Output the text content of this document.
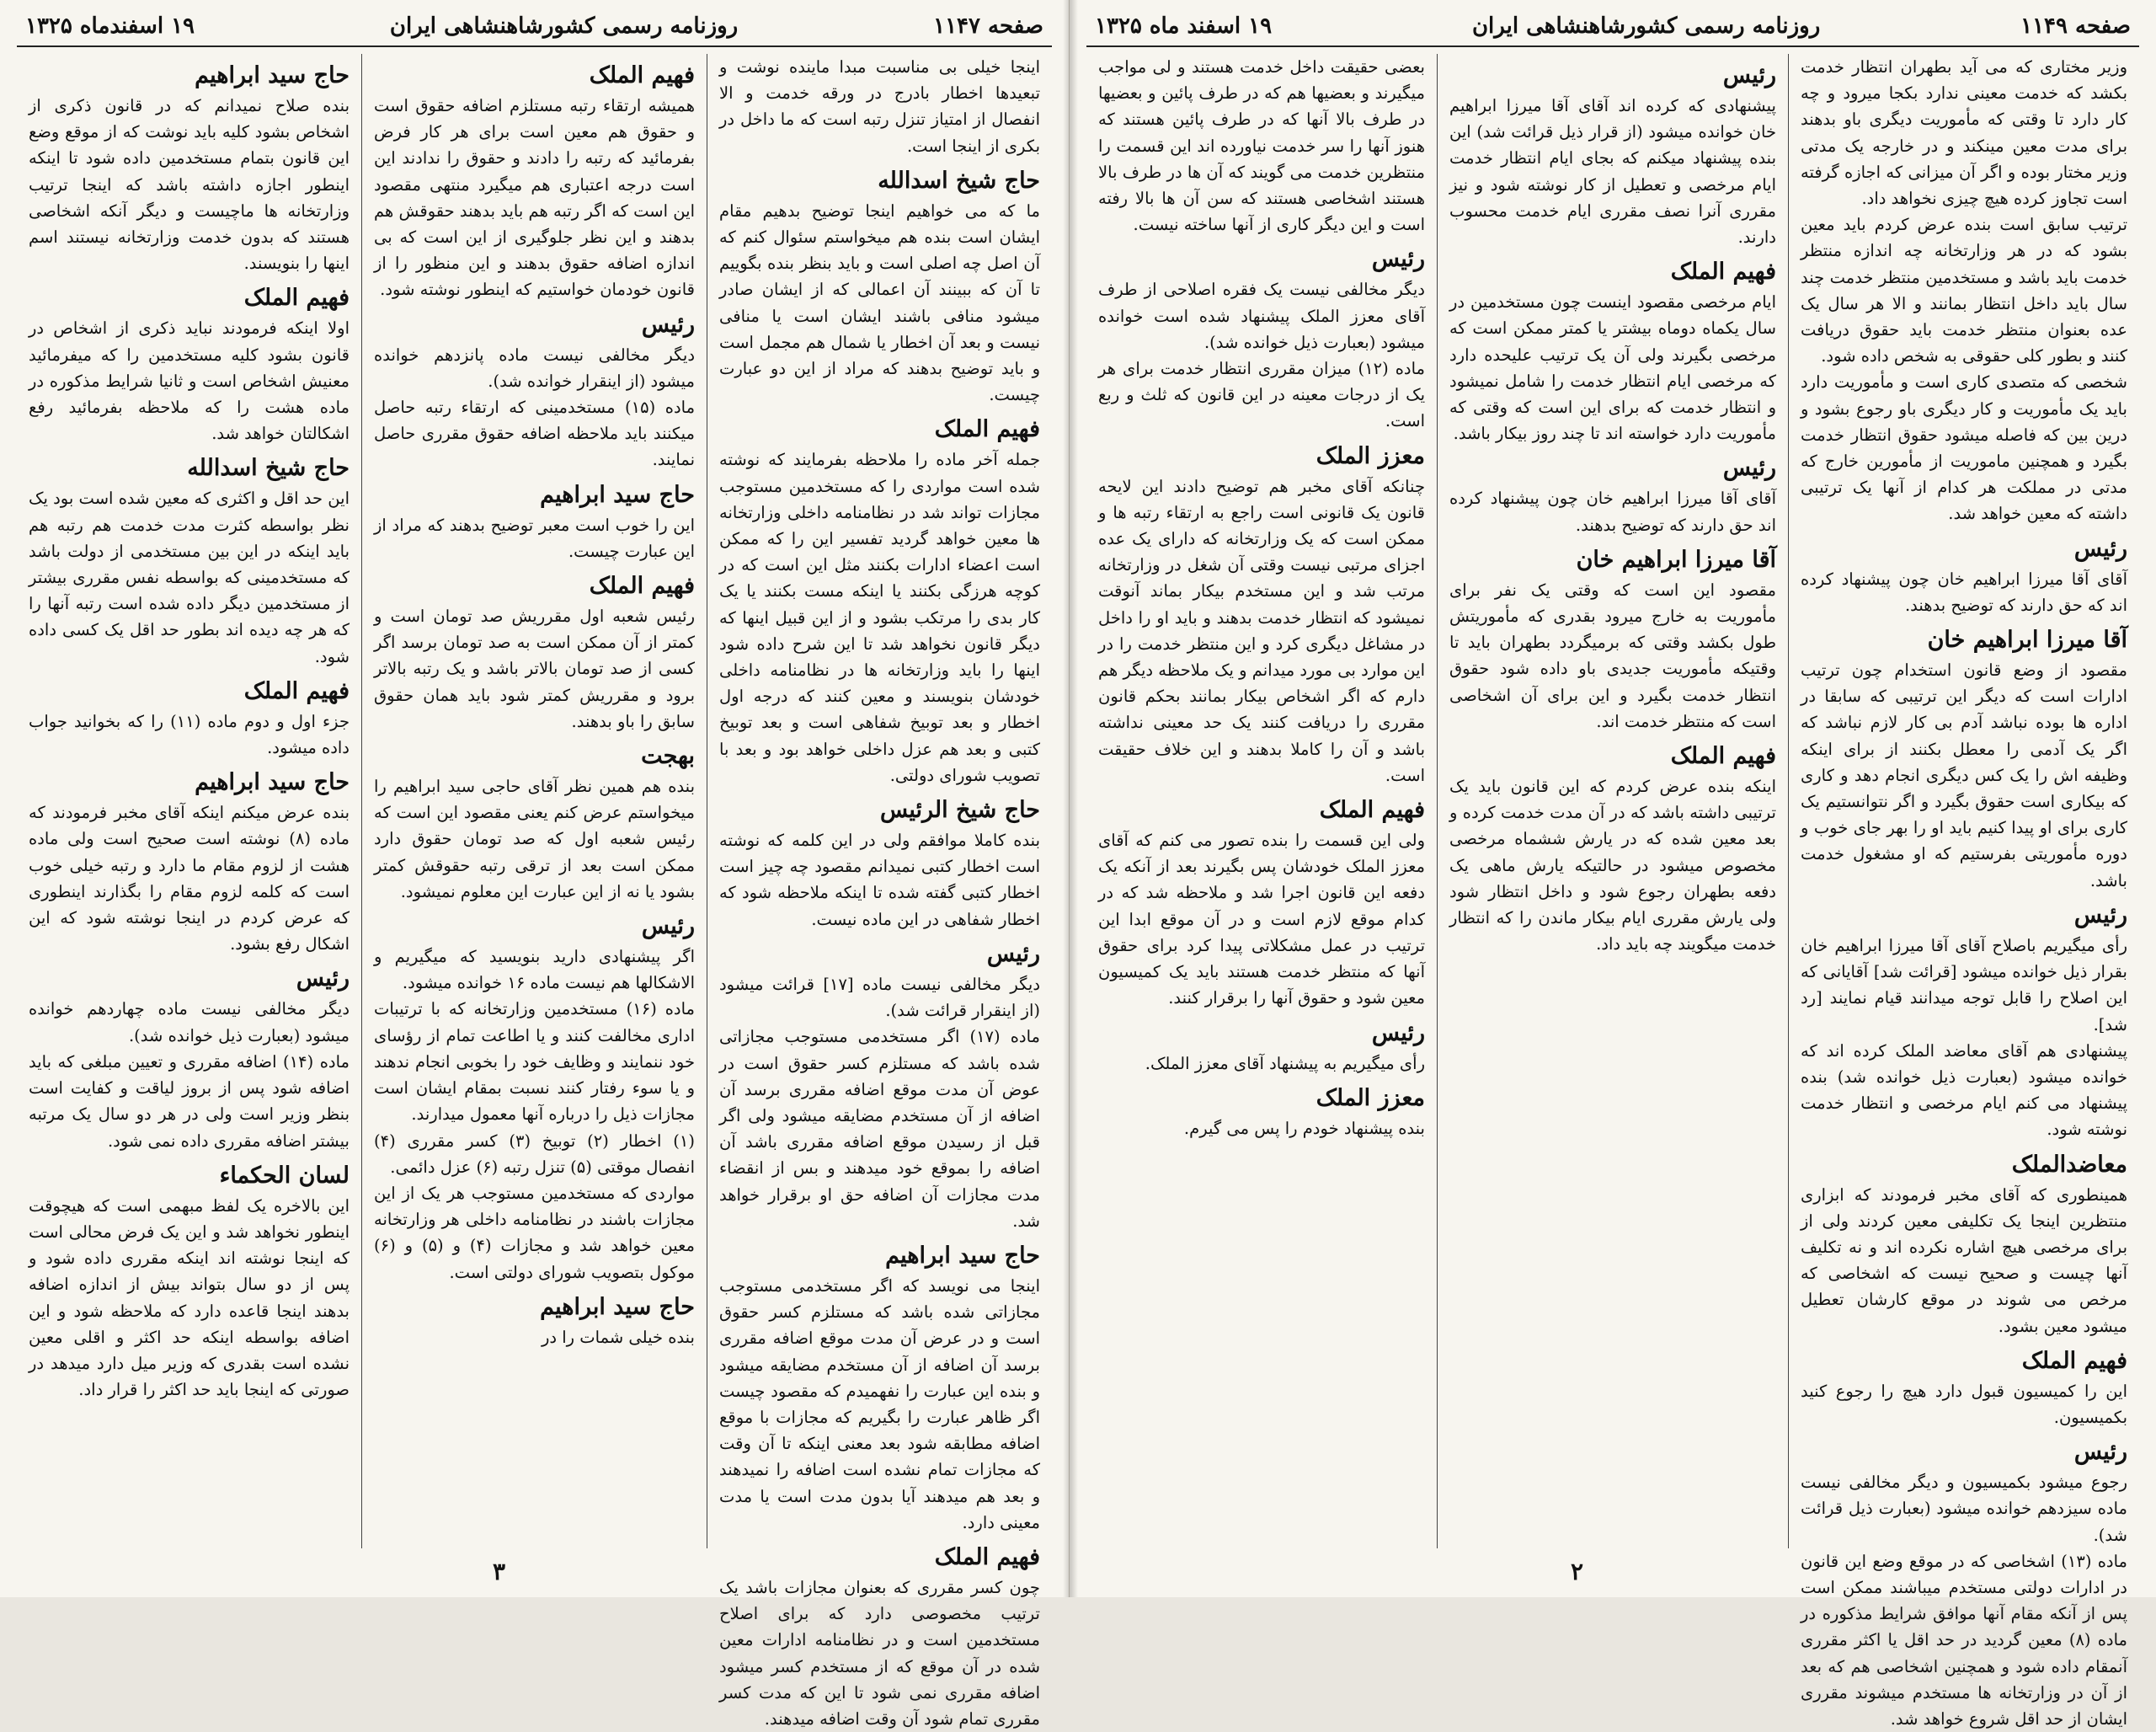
صفحه ۱۱۴۷
روزنامه رسمی کشورشاهنشاهی ایران
۱۹ اسفندماه ۱۳۲۵
اینجا خیلی بی مناسبت مبدا ماینده نوشت و تبعیدها اخطار بادرج در ورقه خدمت و الا انفصال از امتیاز تنزل رتبه است که ما داخل در بکری از اینجا است.
حاج شیخ اسدالله
ما که می خواهیم اینجا توضیح بدهیم مقام ایشان است بنده هم میخواستم سئوال کنم که آن اصل چه اصلی است و باید بنظر بنده بگوییم تا آن که ببینند آن اعمالی که از ایشان صادر میشود منافی باشند ایشان است یا منافی نیست و بعد آن اخطار یا شمال هم مجمل است و باید توضیح بدهند که مراد از این دو عبارت چیست.
فهیم الملک
جمله آخر ماده را ملاحظه بفرمایند که نوشته شده است مواردی را که مستخدمین مستوجب مجازات تواند شد در نظامنامه داخلی وزارتخانه ها معین خواهد گردید تفسیر این را که ممکن است اعضاء ادارات بکنند مثل این است که در کوچه هرزگی بکنند یا اینکه مست بکنند یا یک کار بدی را مرتکب بشود و از این قبیل اینها که دیگر قانون نخواهد شد تا این شرح داده شود اینها را باید وزارتخانه ها در نظامنامه داخلی خودشان بنویسند و معین کنند که درجه اول اخطار و بعد توبیخ شفاهی است و بعد توبیخ کتبی و بعد هم عزل داخلی خواهد بود و بعد با تصویب شورای دولتی.
حاج شیخ الرئیس
بنده کاملا موافقم ولی در این کلمه که نوشته است اخطار کتبی نمیدانم مقصود چه چیز است اخطار کتبی گفته شده تا اینکه ملاحظه شود که اخطار شفاهی در این ماده نیست.
رئیس
دیگر مخالفی نیست ماده [۱۷] قرائت میشود (از اینقرار قرائت شد).
ماده (۱۷) اگر مستخدمی مستوجب مجازاتی شده باشد که مستلزم کسر حقوق است در عوض آن مدت موقع اضافه مقرری برسد آن اضافه از آن مستخدم مضایقه میشود ولی اگر قبل از رسیدن موقع اضافه مقرری باشد آن اضافه را بموقع خود میدهند و بس از انقضاء مدت مجازات آن اضافه حق او برقرار خواهد شد.
حاج سید ابراهیم
اینجا می نویسد که اگر مستخدمی مستوجب مجازاتی شده باشد که مستلزم کسر حقوق است و در عرض آن مدت موقع اضافه مقرری برسد آن اضافه از آن مستخدم مضایقه میشود و بنده این عبارت را نفهمیدم که مقصود چیست اگر ظاهر عبارت را بگیریم که مجازات با موقع اضافه مطابقه شود بعد معنی اینکه تا آن وقت که مجازات تمام نشده است اضافه را نمیدهند و بعد هم میدهند آیا بدون مدت است یا مدت معینی دارد.
فهیم الملک
چون کسر مقرری که بعنوان مجازات باشد یک ترتیب مخصوصی دارد که برای اصلاح مستخدمین است و در نظامنامه ادارات معین شده در آن موقع که از مستخدم کسر میشود اضافه مقرری نمی شود تا این که مدت کسر مقرری تمام شود آن وقت اضافه میدهند.
فهیم الملک
همیشه ارتقاء رتبه مستلزم اضافه حقوق است و حقوق هم معین است برای هر کار فرض بفرمائید که رتبه را دادند و حقوق را ندادند این است درجه اعتباری هم میگیرد منتهی مقصود این است که اگر رتبه هم باید بدهند حقوقش هم بدهند و این نظر جلوگیری از این است که بی اندازه اضافه حقوق بدهند و این منظور را از قانون خودمان خواستیم که اینطور نوشته شود.
رئیس
دیگر مخالفی نیست ماده پانزدهم خوانده میشود (از اینقرار خوانده شد).
ماده (۱۵) مستخدمینی که ارتقاء رتبه حاصل میکنند باید ملاحظه اضافه حقوق مقرری حاصل نمایند.
حاج سید ابراهیم
این را خوب است معبر توضیح بدهند که مراد از این عبارت چیست.
فهیم الملک
رئیس شعبه اول مقرریش صد تومان است و کمتر از آن ممکن است به صد تومان برسد اگر کسی از صد تومان بالاتر باشد و یک رتبه بالاتر برود و مقرریش کمتر شود باید همان حقوق سابق را باو بدهند.
بهجت
بنده هم همین نظر آقای حاجی سید ابراهیم را میخواستم عرض کنم یعنی مقصود این است که رئیس شعبه اول که صد تومان حقوق دارد ممکن است بعد از ترقی رتبه حقوقش کمتر بشود یا نه از این عبارت این معلوم نمیشود.
رئیس
اگر پیشنهادی دارید بنویسید که میگیریم و الاشکالها هم نیست ماده ۱۶ خوانده میشود.
ماده (۱۶) مستخدمین وزارتخانه که با ترتیبات اداری مخالفت کنند و یا اطاعت تمام از رؤسای خود ننمایند و وظایف خود را بخوبی انجام ندهند و یا سوء رفتار کنند نسبت بمقام ایشان است مجازات ذیل را درباره آنها معمول میدارند.
(۱) اخطار (۲) توبیخ (۳) کسر مقرری (۴) انفصال موقتی (۵) تنزل رتبه (۶) عزل دائمی.
مواردی که مستخدمین مستوجب هر یک از این مجازات باشند در نظامنامه داخلی هر وزارتخانه معین خواهد شد و مجازات (۴) و (۵) و (۶) موکول بتصویب شورای دولتی است.
حاج سید ابراهیم
بنده خیلی شمات را در
حاج سید ابراهیم
بنده صلاح نمیدانم که در قانون ذکری از اشخاص بشود کلیه باید نوشت که از موقع وضع این قانون بتمام مستخدمین داده شود تا اینکه اینطور اجازه داشته باشد که اینجا ترتیب وزارتخانه ها ماچیست و دیگر آنکه اشخاصی هستند که بدون خدمت وزارتخانه نیستند اسم اینها را بنویسند.
فهیم الملک
اولا اینکه فرمودند نباید ذکری از اشخاص در قانون بشود کلیه مستخدمین را که میفرمائید معنیش اشخاص است و ثانیا شرایط مذکوره در ماده هشت را که ملاحظه بفرمائید رفع اشکالتان خواهد شد.
حاج شیخ اسدالله
این حد اقل و اکثری که معین شده است بود یک نظر بواسطه کثرت مدت خدمت هم رتبه هم باید اینکه در این بین مستخدمی از دولت باشد که مستخدمینی که بواسطه نفس مقرری بیشتر از مستخدمین دیگر داده شده است رتبه آنها را که هر چه دیده اند بطور حد اقل یک کسی داده شود.
فهیم الملک
جزء اول و دوم ماده (۱۱) را که بخوانید جواب داده میشود.
حاج سید ابراهیم
بنده عرض میکنم اینکه آقای مخبر فرمودند که ماده (۸) نوشته است صحیح است ولی ماده هشت از لزوم مقام ما دارد و رتبه خیلی خوب است که کلمه لزوم مقام را بگذارند اینطوری که عرض کردم در اینجا نوشته شود که این اشکال رفع بشود.
رئیس
دیگر مخالفی نیست ماده چهاردهم خوانده میشود (بعبارت ذیل خوانده شد).
ماده (۱۴) اضافه مقرری و تعیین مبلغی که باید اضافه شود پس از بروز لیاقت و کفایت است بنظر وزیر است ولی در هر دو سال یک مرتبه بیشتر اضافه مقرری داده نمی شود.
لسان الحکماء
این بالاخره یک لفظ مبهمی است که هیچوقت اینطور نخواهد شد و این یک فرض محالی است که اینجا نوشته اند اینکه مقرری داده شود و پس از دو سال بتواند بیش از اندازه اضافه بدهند اینجا قاعده دارد که ملاحظه شود و این اضافه بواسطه اینکه حد اکثر و اقلی معین نشده است بقدری که وزیر میل دارد میدهد در صورتی که اینجا باید حد اکثر را قرار داد.
۳
صفحه ۱۱۴۹
روزنامه رسمی کشورشاهنشاهی ایران
۱۹ اسفند ماه ۱۳۲۵
وزیر مختاری که می آید بطهران انتظار خدمت بکشد که خدمت معینی ندارد بکجا میرود و چه کار دارد تا وقتی که مأموریت دیگری باو بدهند برای مدت معین مینکند و در خارجه یک مدتی وزیر مختار بوده و اگر آن میزانی که اجازه گرفته است تجاوز کرده هیچ چیزی نخواهد داد.
ترتیب سابق است بنده عرض کردم باید معین بشود که در هر وزارتخانه چه اندازه منتظر خدمت باید باشد و مستخدمین منتظر خدمت چند سال باید داخل انتظار بمانند و الا هر سال یک عده بعنوان منتظر خدمت باید حقوق دریافت کنند و بطور کلی حقوقی به شخص داده شود.
شخصی که متصدی کاری است و مأموریت دارد باید یک مأموریت و کار دیگری باو رجوع بشود و درین بین که فاصله میشود حقوق انتظار خدمت بگیرد و همچنین ماموریت از مأمورین خارج که مدتی در مملکت هر کدام از آنها یک ترتیبی داشته که معین خواهد شد.
رئیس
آقای آقا میرزا ابراهیم خان چون پیشنهاد کرده اند که حق دارند که توضیح بدهند.
آقا میرزا ابراهیم خان
مقصود از وضع قانون استخدام چون ترتیب ادارات است که دیگر این ترتیبی که سابقا در اداره ها بوده نباشد آدم بی کار لازم نباشد که اگر یک آدمی را معطل بکنند از برای اینکه وظیفه اش را یک کس دیگری انجام دهد و کاری که بیکاری است حقوق بگیرد و اگر نتوانستیم یک کاری برای او پیدا کنیم باید او را بهر جای خوب و دوره مأموریتی بفرستیم که او مشغول خدمت باشد.
رئیس
رأی میگیریم باصلاح آقای آقا میرزا ابراهیم خان بقرار ذیل خوانده میشود [قرائت شد] آقایانی که این اصلاح را قابل توجه میدانند قیام نمایند [رد شد].
پیشنهادی هم آقای معاضد الملک کرده اند که خوانده میشود (بعبارت ذیل خوانده شد) بنده پیشنهاد می کنم ایام مرخصی و انتظار خدمت نوشته شود.
معاضدالملک
همینطوری که آقای مخبر فرمودند که ابزاری منتظرین اینجا یک تکلیفی معین کردند ولی از برای مرخصی هیچ اشاره نکرده اند و نه تکلیف آنها چیست و صحیح نیست که اشخاصی که مرخص می شوند در موقع کارشان تعطیل میشود معین بشود.
فهیم الملک
این را کمیسیون قبول دارد هیچ را رجوع کنید بکمیسیون.
رئیس
رجوع میشود بکمیسیون و دیگر مخالفی نیست ماده سیزدهم خوانده میشود (بعبارت ذیل قرائت شد).
ماده (۱۳) اشخاصی که در موقع وضع این قانون در ادارات دولتی مستخدم میباشند ممکن است پس از آنکه مقام آنها موافق شرایط مذکوره در ماده (۸) معین گردید در حد اقل یا اکثر مقرری آنمقام داده شود و همچنین اشخاصی هم که بعد از آن در وزارتخانه ها مستخدم میشوند مقرری ایشان از حد اقل شروع خواهد شد.
رئیس
پیشنهادی که کرده اند آقای آقا میرزا ابراهیم خان خوانده میشود (از قرار ذیل قرائت شد) این بنده پیشنهاد میکنم که بجای ایام انتظار خدمت ایام مرخصی و تعطیل از کار نوشته شود و نیز مقرری آنرا نصف مقرری ایام خدمت محسوب دارند.
فهیم الملک
ایام مرخصی مقصود اینست چون مستخدمین در سال یکماه دوماه بیشتر یا کمتر ممکن است که مرخصی بگیرند ولی آن یک ترتیب علیحده دارد که مرخصی ایام انتظار خدمت را شامل نمیشود و انتظار خدمت که برای این است که وقتی که مأموریت دارد خواسته اند تا چند روز بیکار باشد.
رئیس
آقای آقا میرزا ابراهیم خان چون پیشنهاد کرده اند حق دارند که توضیح بدهند.
آقا میرزا ابراهیم خان
مقصود این است که وقتی یک نفر برای مأموریت به خارج میرود بقدری که مأموریتش طول بکشد وقتی که برمیگردد بطهران باید تا وقتیکه مأموریت جدیدی باو داده شود حقوق انتظار خدمت بگیرد و این برای آن اشخاصی است که منتظر خدمت اند.
فهیم الملک
اینکه بنده عرض کردم که این قانون باید یک ترتیبی داشته باشد که در آن مدت خدمت کرده و بعد معین شده که در یارش ششماه مرخصی مخصوص میشود در حالتیکه یارش ماهی یک دفعه بطهران رجوع شود و داخل انتظار شود ولی یارش مقرری ایام بیکار ماندن را که انتظار خدمت میگویند چه باید داد.
بعضی حقیقت داخل خدمت هستند و لی مواجب میگیرند و بعضیها هم که در طرف پائین و بعضیها در طرف بالا آنها که در طرف پائین هستند که هنوز آنها را سر خدمت نیاورده اند این قسمت را منتظرین خدمت می گویند که آن ها در طرف بالا هستند اشخاصی هستند که سن آن ها بالا رفته است و این دیگر کاری از آنها ساخته نیست.
رئیس
دیگر مخالفی نیست یک فقره اصلاحی از طرف آقای معزز الملک پیشنهاد شده است خوانده میشود (بعبارت ذیل خوانده شد).
ماده (۱۲) میزان مقرری انتظار خدمت برای هر یک از درجات معینه در این قانون که ثلث و ربع است.
معزز الملک
چنانکه آقای مخبر هم توضیح دادند این لایحه قانون یک قانونی است راجع به ارتقاء رتبه ها و ممکن است که یک وزارتخانه که دارای یک عده اجزای مرتبی نیست وقتی آن شغل در وزارتخانه مرتب شد و این مستخدم بیکار بماند آنوقت نمیشود که انتظار خدمت بدهند و باید او را داخل در مشاغل دیگری کرد و این منتظر خدمت را در این موارد بی مورد میدانم و یک ملاحظه دیگر هم دارم که اگر اشخاص بیکار بمانند بحکم قانون مقرری را دریافت کنند یک حد معینی نداشته باشد و آن را کاملا بدهند و این خلاف حقیقت است.
فهیم الملک
ولی این قسمت را بنده تصور می کنم که آقای معزز الملک خودشان پس بگیرند بعد از آنکه یک دفعه این قانون اجرا شد و ملاحظه شد که در کدام موقع لازم است و در آن موقع ابدا این ترتیب در عمل مشکلاتی پیدا کرد برای حقوق آنها که منتظر خدمت هستند باید یک کمیسیون معین شود و حقوق آنها را برقرار کنند.
رئیس
رأی میگیریم به پیشنهاد آقای معزز الملک.
معزز الملک
بنده پیشنهاد خودم را پس می گیرم.
۲
